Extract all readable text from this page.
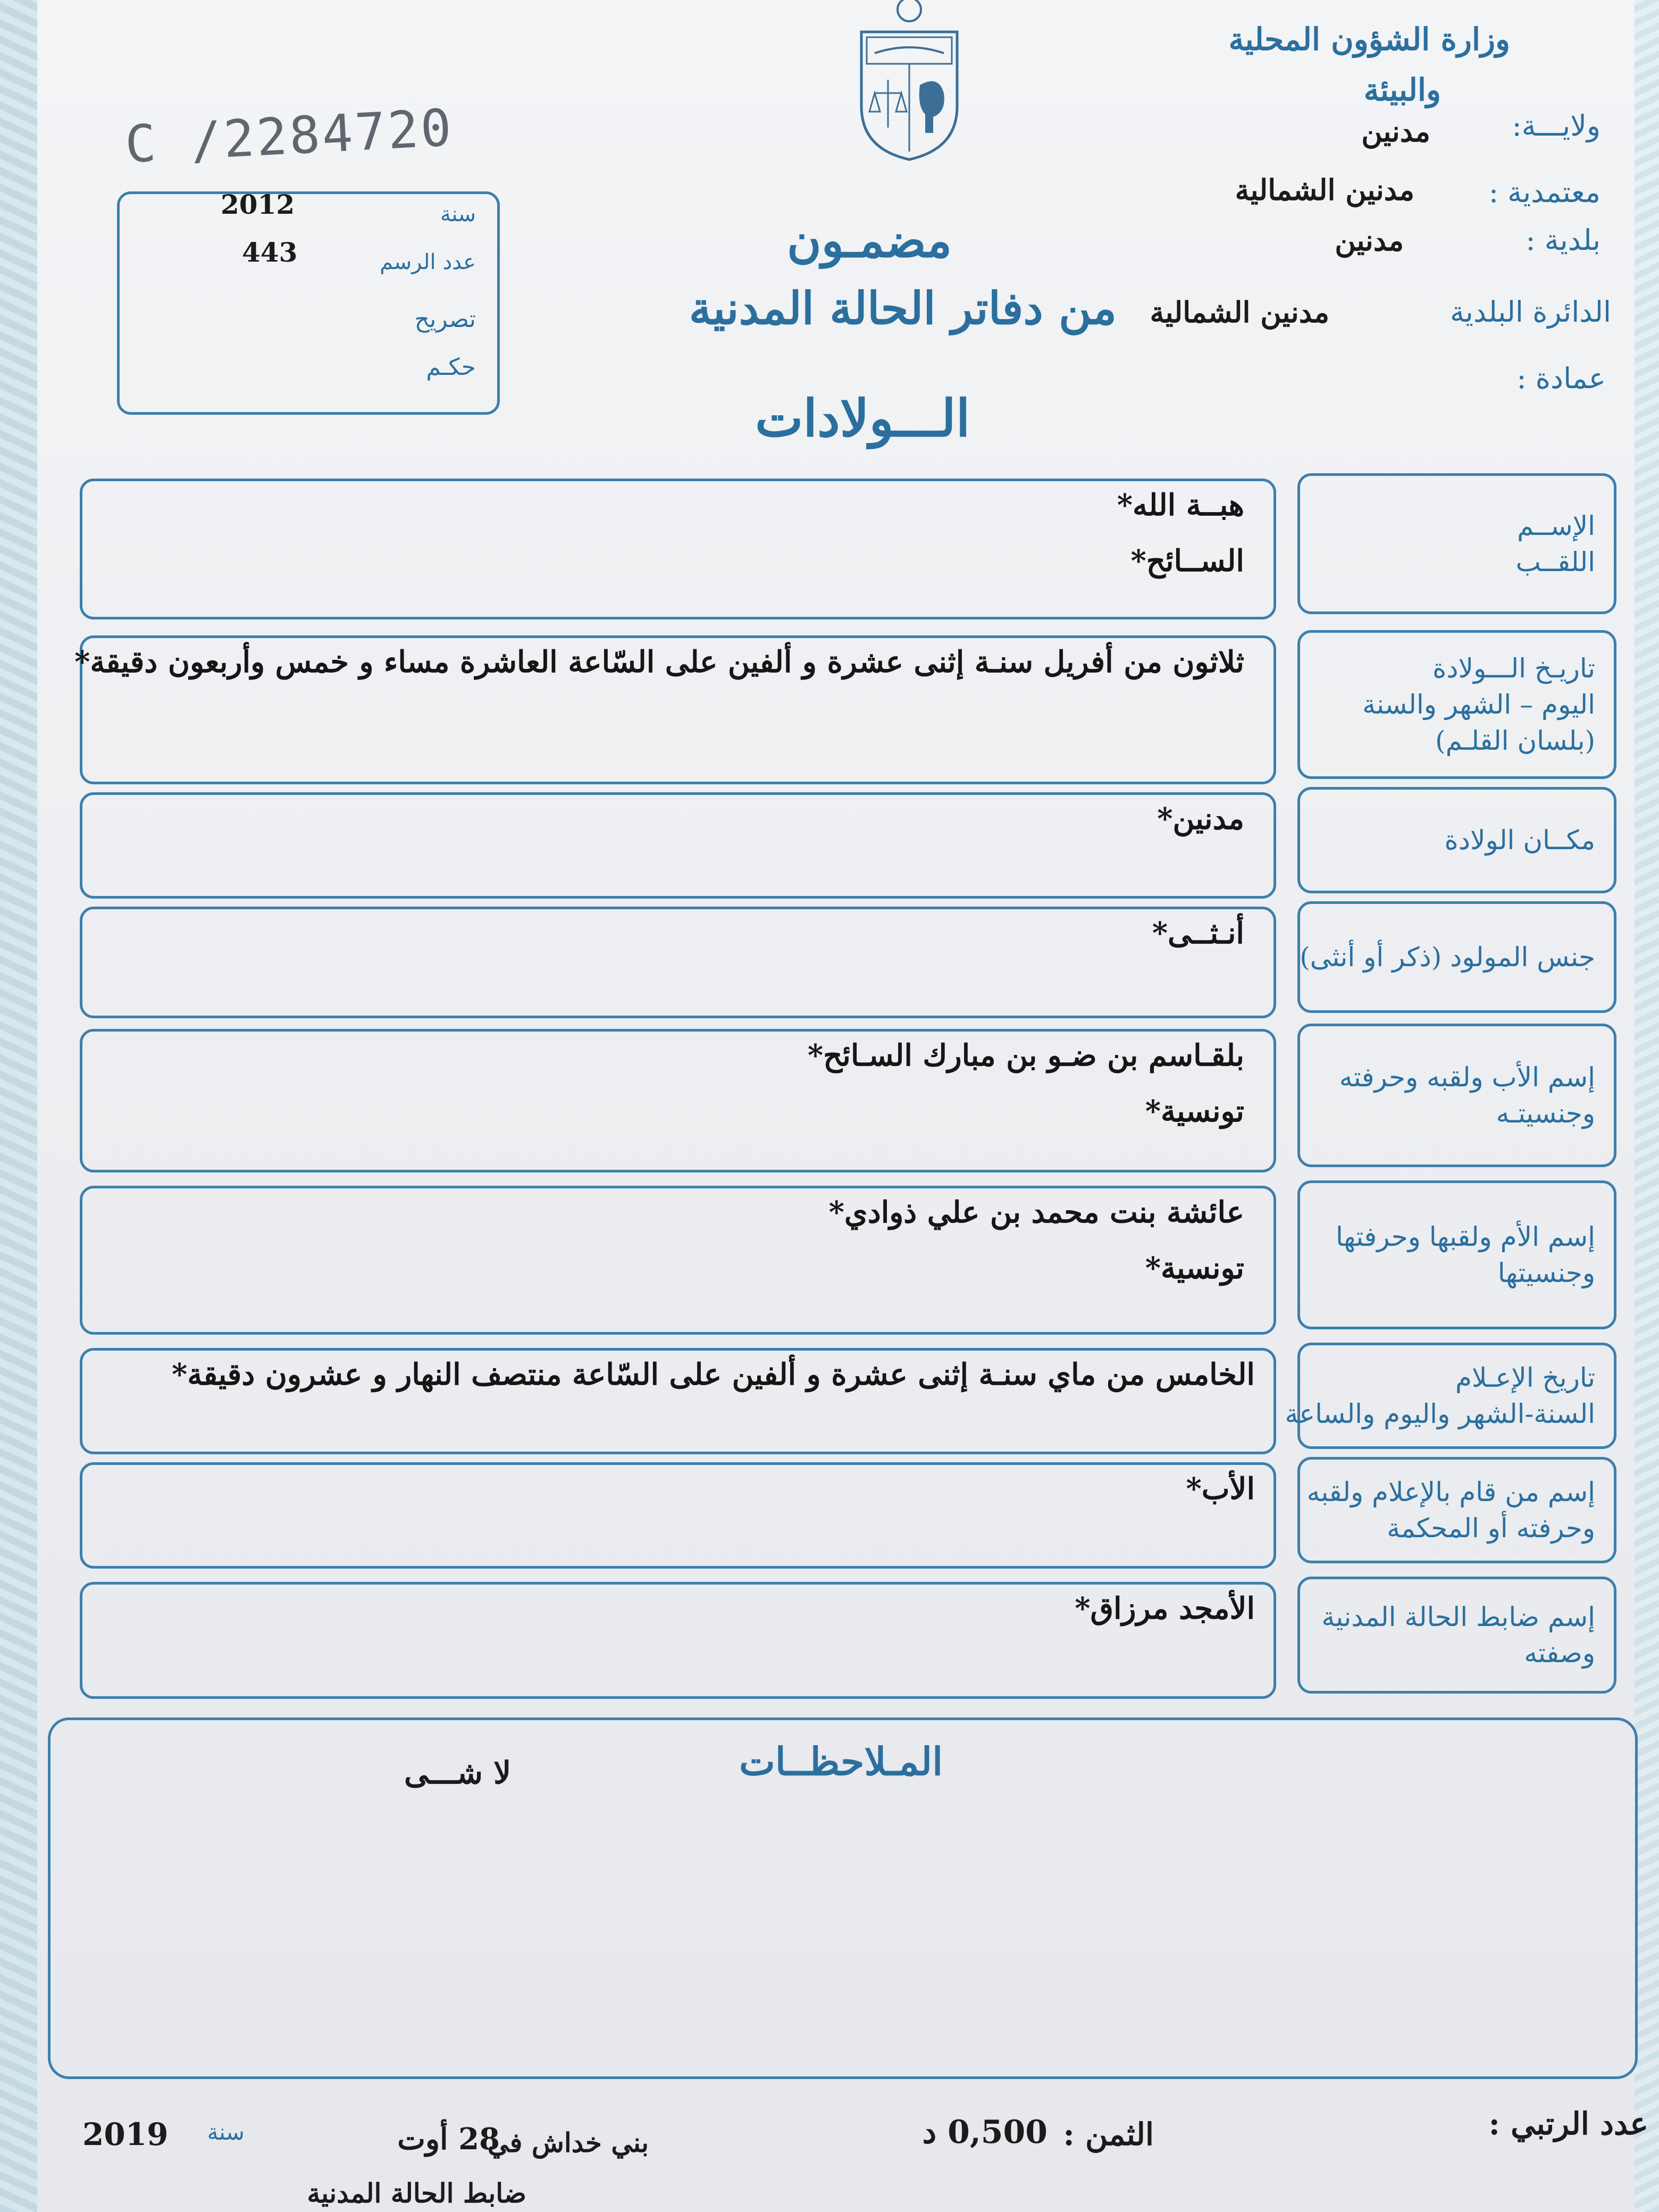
وزارة الشؤون المحلية
والبيئة
ولايـــة:
مدنين
معتمدية :
مدنين الشمالية
بلدية :
مدنين
الدائرة البلدية
مدنين الشمالية
عمادة :
C /2284720
2012	سنة
443	عدد الرسم
تصريح
حكـم
مضمـون
من دفاتر الحالة المدنية
الـــولادات
الإســم
اللقــب
هبــة الله*
الســائح*
تاريـخ الـــولادة
اليوم – الشهر والسنة
(بلسان القلـم)
ثلاثون من أفريل سنـة إثنى عشرة و ألفين على السّاعة العاشرة مساء و خمس وأربعون دقيقة*
مكــان الولادة
مدنين*
جنس المولود (ذكر أو أنثى)
أنـثــى*
إسم الأب ولقبه وحرفته
وجنسيتـه
بلقـاسم بن ضـو بن مبارك السـائح*
تونسية*
إسم الأم ولقبها وحرفتها
وجنسيتها
عائشة بنت محمد بن علي ذوادي*
تونسية*
تاريخ الإعـلام
السنة-الشهر واليوم والساعة
الخامس من ماي سنـة إثنى عشرة و ألفين على السّاعة منتصف النهار و عشرون دقيقة*
إسم من قام بالإعلام ولقبه
وحرفته أو المحكمة
الأب*
إسم ضابط الحالة المدنية
وصفته
الأمجد مرزاق*
المـلاحظــات
لا شـــى
عدد الرتبي :
الثمن :
0,500 د
بني خداش في
28 أوت
سنة
2019
ضابط الحالة المدنية
